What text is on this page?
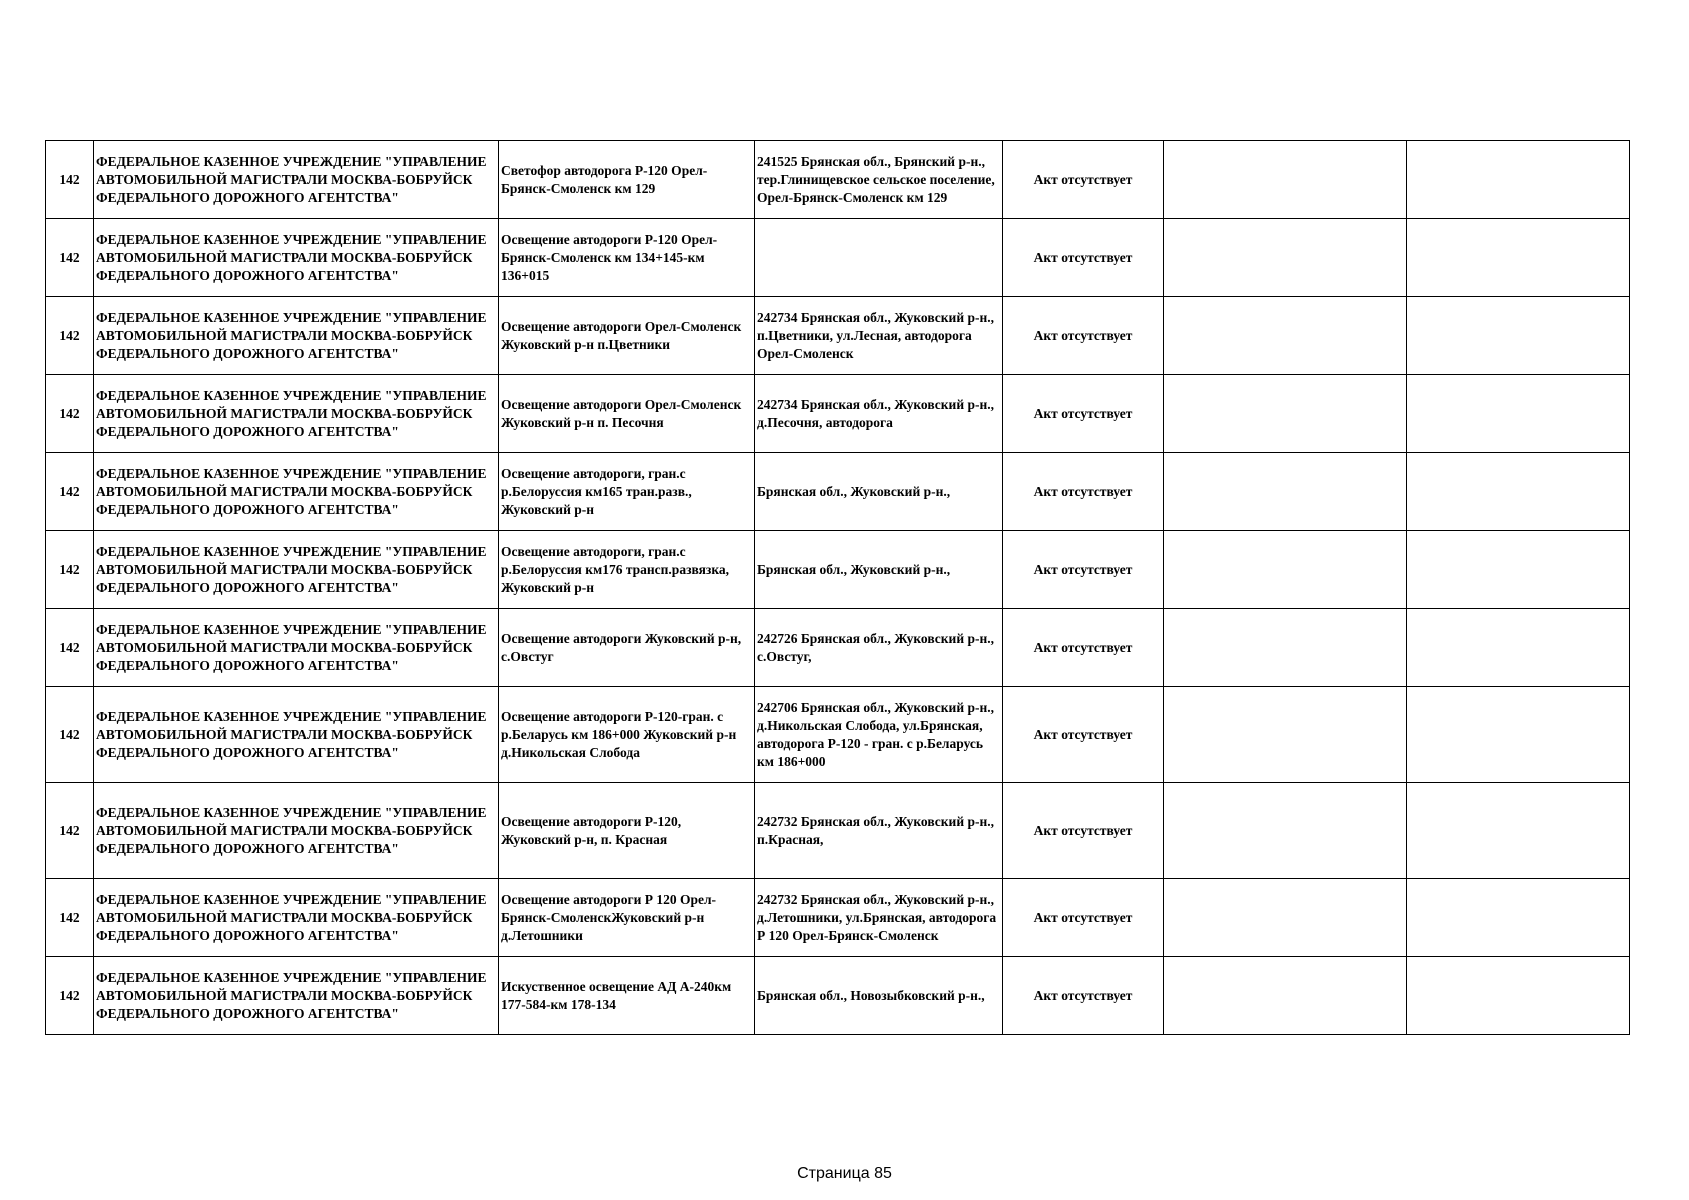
142	ФЕДЕРАЛЬНОЕ КАЗЕННОЕ УЧРЕЖДЕНИЕ "УПРАВЛЕНИЕ АВТОМОБИЛЬНОЙ МАГИСТРАЛИ МОСКВА-БОБРУЙСК ФЕДЕРАЛЬНОГО ДОРОЖНОГО АГЕНТСТВА"	Светофор автодорога Р-120 Орел-Брянск-Смоленск км 129	241525 Брянская обл., Брянский р-н., тер.Глинищевское сельское поселение, Орел-Брянск-Смоленск км 129	Акт отсутствует		
142	ФЕДЕРАЛЬНОЕ КАЗЕННОЕ УЧРЕЖДЕНИЕ "УПРАВЛЕНИЕ АВТОМОБИЛЬНОЙ МАГИСТРАЛИ МОСКВА-БОБРУЙСК ФЕДЕРАЛЬНОГО ДОРОЖНОГО АГЕНТСТВА"	Освещение автодороги Р-120 Орел-Брянск-Смоленск км 134+145-км 136+015		Акт отсутствует		
142	ФЕДЕРАЛЬНОЕ КАЗЕННОЕ УЧРЕЖДЕНИЕ "УПРАВЛЕНИЕ АВТОМОБИЛЬНОЙ МАГИСТРАЛИ МОСКВА-БОБРУЙСК ФЕДЕРАЛЬНОГО ДОРОЖНОГО АГЕНТСТВА"	Освещение автодороги Орел-Смоленск Жуковский р-н п.Цветники	242734 Брянская обл., Жуковский р-н., п.Цветники, ул.Лесная, автодорога Орел-Смоленск	Акт отсутствует		
142	ФЕДЕРАЛЬНОЕ КАЗЕННОЕ УЧРЕЖДЕНИЕ "УПРАВЛЕНИЕ АВТОМОБИЛЬНОЙ МАГИСТРАЛИ МОСКВА-БОБРУЙСК ФЕДЕРАЛЬНОГО ДОРОЖНОГО АГЕНТСТВА"	Освещение автодороги Орел-Смоленск Жуковский р-н п. Песочня	242734 Брянская обл., Жуковский р-н., д.Песочня, автодорога	Акт отсутствует		
142	ФЕДЕРАЛЬНОЕ КАЗЕННОЕ УЧРЕЖДЕНИЕ "УПРАВЛЕНИЕ АВТОМОБИЛЬНОЙ МАГИСТРАЛИ МОСКВА-БОБРУЙСК ФЕДЕРАЛЬНОГО ДОРОЖНОГО АГЕНТСТВА"	Освещение автодороги, гран.с р.Белоруссия км165 тран.разв., Жуковский р-н	Брянская обл., Жуковский р-н.,	Акт отсутствует		
142	ФЕДЕРАЛЬНОЕ КАЗЕННОЕ УЧРЕЖДЕНИЕ "УПРАВЛЕНИЕ АВТОМОБИЛЬНОЙ МАГИСТРАЛИ МОСКВА-БОБРУЙСК ФЕДЕРАЛЬНОГО ДОРОЖНОГО АГЕНТСТВА"	Освещение автодороги, гран.с р.Белоруссия км176 трансп.развязка, Жуковский р-н	Брянская обл., Жуковский р-н.,	Акт отсутствует		
142	ФЕДЕРАЛЬНОЕ КАЗЕННОЕ УЧРЕЖДЕНИЕ "УПРАВЛЕНИЕ АВТОМОБИЛЬНОЙ МАГИСТРАЛИ МОСКВА-БОБРУЙСК ФЕДЕРАЛЬНОГО ДОРОЖНОГО АГЕНТСТВА"	Освещение автодороги Жуковский р-н, с.Овстуг	242726 Брянская обл., Жуковский р-н., с.Овстуг,	Акт отсутствует		
142	ФЕДЕРАЛЬНОЕ КАЗЕННОЕ УЧРЕЖДЕНИЕ "УПРАВЛЕНИЕ АВТОМОБИЛЬНОЙ МАГИСТРАЛИ МОСКВА-БОБРУЙСК ФЕДЕРАЛЬНОГО ДОРОЖНОГО АГЕНТСТВА"	Освещение автодороги Р-120-гран. с р.Беларусь км 186+000 Жуковский р-н д.Никольская Слобода	242706 Брянская обл., Жуковский р-н., д.Никольская Слобода, ул.Брянская, автодорога Р-120 - гран. с р.Беларусь км 186+000	Акт отсутствует		
142	ФЕДЕРАЛЬНОЕ КАЗЕННОЕ УЧРЕЖДЕНИЕ "УПРАВЛЕНИЕ АВТОМОБИЛЬНОЙ МАГИСТРАЛИ МОСКВА-БОБРУЙСК ФЕДЕРАЛЬНОГО ДОРОЖНОГО АГЕНТСТВА"	Освещение автодороги Р-120, Жуковский р-н, п. Красная	242732 Брянская обл., Жуковский р-н., п.Красная,	Акт отсутствует		
142	ФЕДЕРАЛЬНОЕ КАЗЕННОЕ УЧРЕЖДЕНИЕ "УПРАВЛЕНИЕ АВТОМОБИЛЬНОЙ МАГИСТРАЛИ МОСКВА-БОБРУЙСК ФЕДЕРАЛЬНОГО ДОРОЖНОГО АГЕНТСТВА"	Освещение автодороги Р 120 Орел-Брянск-СмоленскЖуковский р-н д.Летошники	242732 Брянская обл., Жуковский р-н., д.Летошники, ул.Брянская, автодорога Р 120 Орел-Брянск-Смоленск	Акт отсутствует		
142	ФЕДЕРАЛЬНОЕ КАЗЕННОЕ УЧРЕЖДЕНИЕ "УПРАВЛЕНИЕ АВТОМОБИЛЬНОЙ МАГИСТРАЛИ МОСКВА-БОБРУЙСК ФЕДЕРАЛЬНОГО ДОРОЖНОГО АГЕНТСТВА"	Искуственное освещение АД А-240км 177-584-км 178-134	Брянская обл., Новозыбковский р-н.,	Акт отсутствует		
Страница 85
